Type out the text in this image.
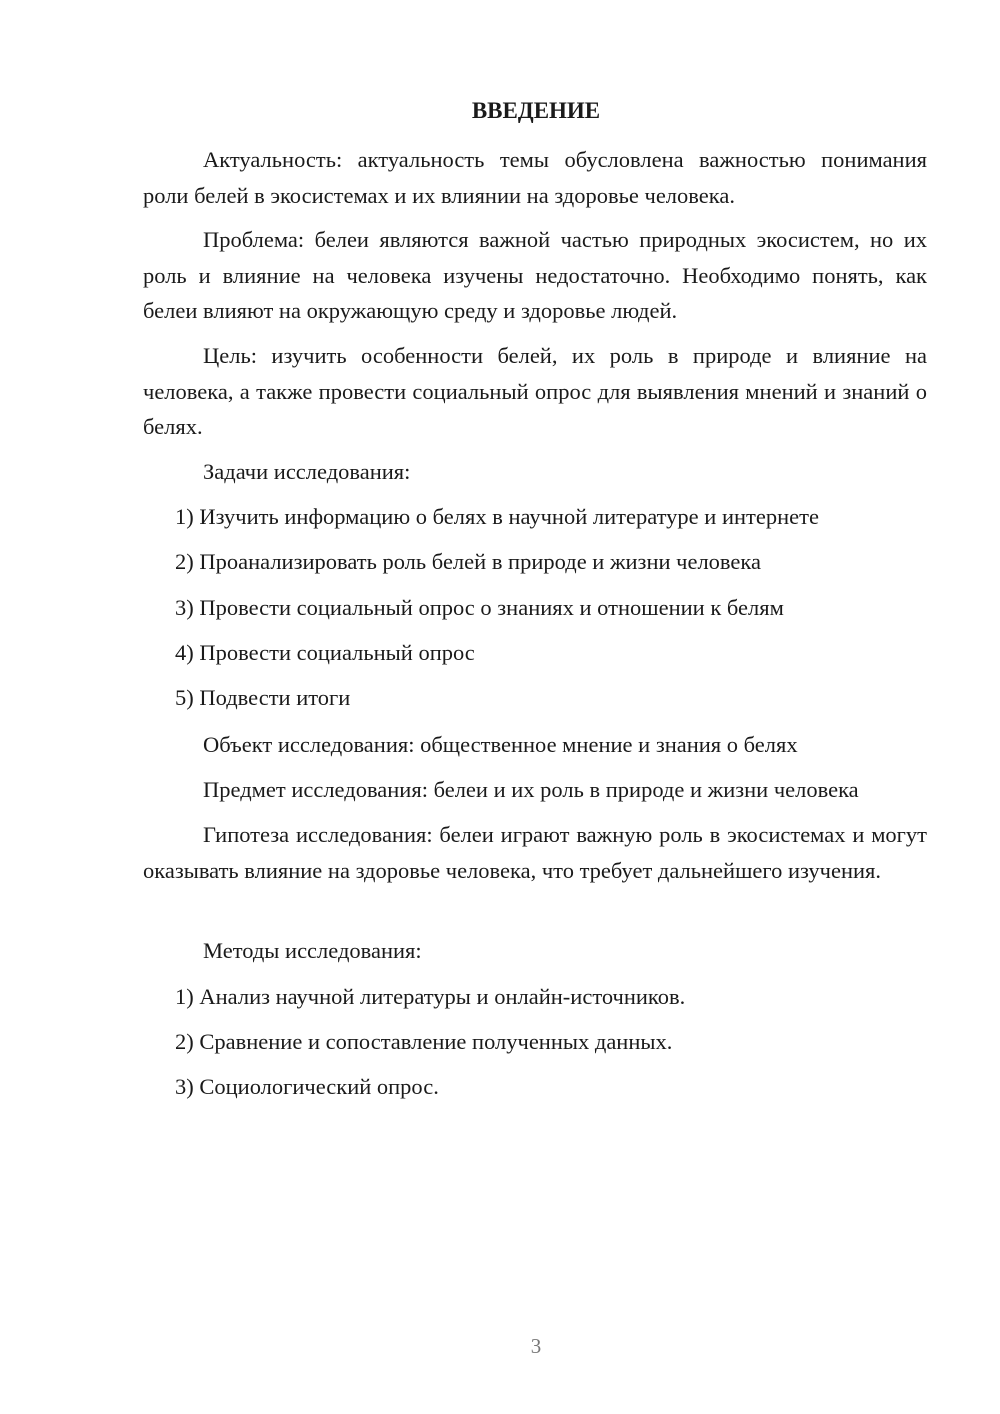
ВВЕДЕНИЕ
Актуальность: актуальность темы обусловлена важностью понимания роли белей в экосистемах и их влиянии на здоровье человека.
Проблема: белеи являются важной частью природных экосистем, но их роль и влияние на человека изучены недостаточно. Необходимо понять, как белеи влияют на окружающую среду и здоровье людей.
Цель: изучить особенности белей, их роль в природе и влияние на человека, а также провести социальный опрос для выявления мнений и знаний о белях.
Задачи исследования:
1) Изучить информацию о белях в научной литературе и интернете
2) Проанализировать роль белей в природе и жизни человека
3) Провести социальный опрос о знаниях и отношении к белям
4) Провести социальный опрос
5) Подвести итоги
Объект исследования: общественное мнение и знания о белях
Предмет исследования: белеи и их роль в природе и жизни человека
Гипотеза исследования: белеи играют важную роль в экосистемах и могут оказывать влияние на здоровье человека, что требует дальнейшего изучения.
Методы исследования:
1) Анализ научной литературы и онлайн-источников.
2) Сравнение и сопоставление полученных данных.
3) Социологический опрос.
3
